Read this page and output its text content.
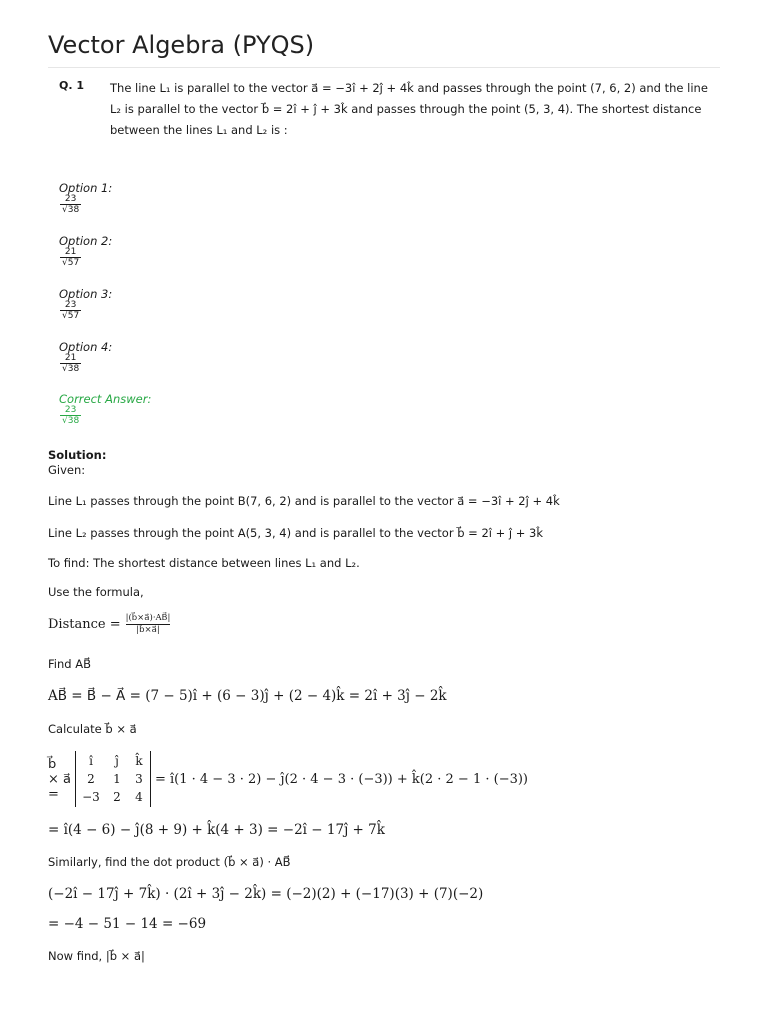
Vector Algebra (PYQS)
Q. 1 The line L₁ is parallel to the vector a⃗ = −3î + 2ĵ + 4k̂ and passes through the point (7, 6, 2) and the line
L₂ is parallel to the vector b⃗ = 2î + ĵ + 3k̂ and passes through the point (5, 3, 4). The shortest distance
between the lines L₁ and L₂ is :
Option 1:
$\frac{23}{√38}$
Option 2:
$\frac{21}{√57}$
Option 3:
$\frac{23}{√57}$
Option 4:
$\frac{21}{√38}$
Correct Answer:
$\frac{23}{√38}$
Solution:
Given:
Line L₁ passes through the point B(7, 6, 2) and is parallel to the vector a⃗ = −3î + 2ĵ + 4k̂
Line L₂ passes through the point A(5, 3, 4) and is parallel to the vector b⃗ = 2î + ĵ + 3k̂
To find: The shortest distance between lines L₁ and L₂.
Use the formula,
Distance = $\frac{|(b⃗\times a⃗)\cdot AB⃗|}{|b⃗\times a⃗|}$
Find AB⃗
AB⃗ = B⃗ − A⃗ = (7 − 5)î + (6 − 3)ĵ + (2 − 4)k̂ = 2î + 3ĵ − 2k̂
Calculate b⃗ × a⃗
b⃗ × a⃗ =
î	ĵ	k̂
2	1	3
−3	2	4
= î(1 · 4 − 3 · 2) − ĵ(2 · 4 − 3 · (−3)) + k̂(2 · 2 − 1 · (−3))
= î(4 − 6) − ĵ(8 + 9) + k̂(4 + 3) = −2î − 17ĵ + 7k̂
Similarly, find the dot product (b⃗ × a⃗) · AB⃗
(−2î − 17ĵ + 7k̂) · (2î + 3ĵ − 2k̂) = (−2)(2) + (−17)(3) + (7)(−2)
= −4 − 51 − 14 = −69
Now find, |b⃗ × a⃗|
